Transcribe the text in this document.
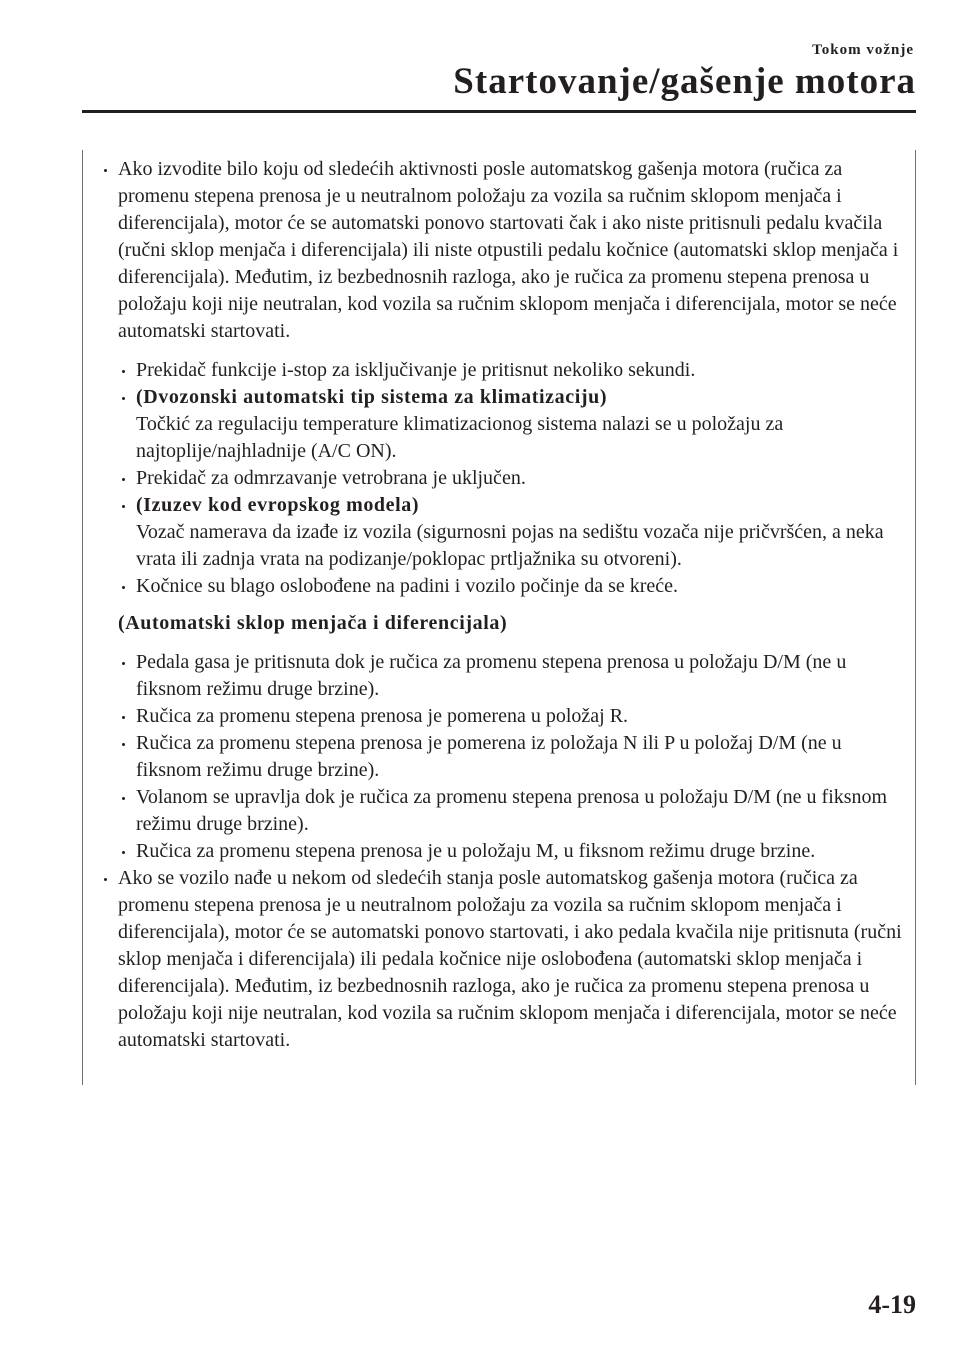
Tokom vožnje
Startovanje/gašenje motora
Ako izvodite bilo koju od sledećih aktivnosti posle automatskog gašenja motora (ručica za promenu stepena prenosa je u neutralnom položaju za vozila sa ručnim sklopom menjača i diferencijala), motor će se automatski ponovo startovati čak i ako niste pritisnuli pedalu kvačila (ručni sklop menjača i diferencijala) ili niste otpustili pedalu kočnice (automatski sklop menjača i diferencijala). Međutim, iz bezbednosnih razloga, ako je ručica za promenu stepena prenosa u položaju koji nije neutralan, kod vozila sa ručnim sklopom menjača i diferencijala, motor se neće automatski startovati.
Prekidač funkcije i-stop za isključivanje je pritisnut nekoliko sekundi.
(Dvozonski automatski tip sistema za klimatizaciju)
Točkić za regulaciju temperature klimatizacionog sistema nalazi se u položaju za najtoplije/najhladnije (A/C ON).
Prekidač za odmrzavanje vetrobrana je uključen.
(Izuzev kod evropskog modela)
Vozač namerava da izađe iz vozila (sigurnosni pojas na sedištu vozača nije pričvršćen, a neka vrata ili zadnja vrata na podizanje/poklopac prtljažnika su otvoreni).
Kočnice su blago oslobođene na padini i vozilo počinje da se kreće.
(Automatski sklop menjača i diferencijala)
Pedala gasa je pritisnuta dok je ručica za promenu stepena prenosa u položaju D/M (ne u fiksnom režimu druge brzine).
Ručica za promenu stepena prenosa je pomerena u položaj R.
Ručica za promenu stepena prenosa je pomerena iz položaja N ili P u položaj D/M (ne u fiksnom režimu druge brzine).
Volanom se upravlja dok je ručica za promenu stepena prenosa u položaju D/M (ne u fiksnom režimu druge brzine).
Ručica za promenu stepena prenosa je u položaju M, u fiksnom režimu druge brzine.
Ako se vozilo nađe u nekom od sledećih stanja posle automatskog gašenja motora (ručica za promenu stepena prenosa je u neutralnom položaju za vozila sa ručnim sklopom menjača i diferencijala), motor će se automatski ponovo startovati, i ako pedala kvačila nije pritisnuta (ručni sklop menjača i diferencijala) ili pedala kočnice nije oslobođena (automatski sklop menjača i diferencijala). Međutim, iz bezbednosnih razloga, ako je ručica za promenu stepena prenosa u položaju koji nije neutralan, kod vozila sa ručnim sklopom menjača i diferencijala, motor se neće automatski startovati.
4-19
